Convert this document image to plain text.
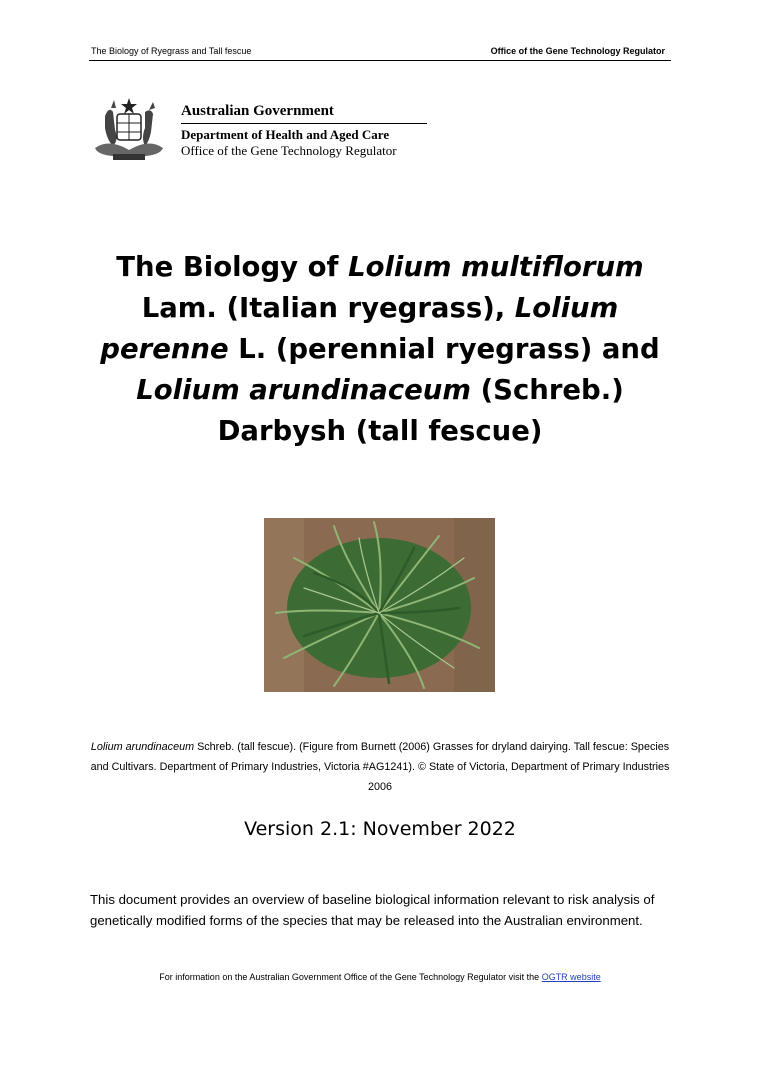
The Biology of Ryegrass and Tall fescue	Office of the Gene Technology Regulator
Australian Government
Department of Health and Aged Care
Office of the Gene Technology Regulator
The Biology of Lolium multiflorum Lam. (Italian ryegrass), Lolium perenne L. (perennial ryegrass) and Lolium arundinaceum (Schreb.) Darbysh (tall fescue)

Lolium arundinaceum Schreb. (tall fescue). (Figure from Burnett (2006) Grasses for dryland dairying. Tall fescue: Species and Cultivars. Department of Primary Industries, Victoria #AG1241). © State of Victoria, Department of Primary Industries 2006

Version 2.1: November 2022

This document provides an overview of baseline biological information relevant to risk analysis of genetically modified forms of the species that may be released into the Australian environment.

For information on the Australian Government Office of the Gene Technology Regulator visit the OGTR website
